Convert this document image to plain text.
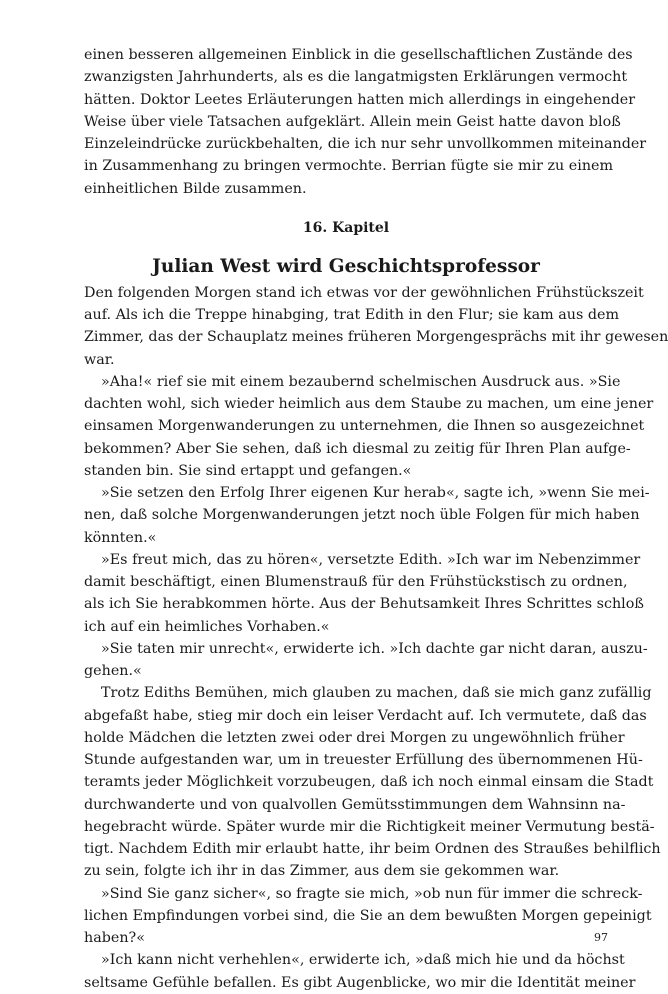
einen besseren allgemeinen Einblick in die gesellschaftlichen Zustände des
zwanzigsten Jahrhunderts, als es die langatmigsten Erklärungen vermocht
hätten. Doktor Leetes Erläuterungen hatten mich allerdings in eingehender
Weise über viele Tatsachen aufgeklärt. Allein mein Geist hatte davon bloß
Einzeleindrücke zurückbehalten, die ich nur sehr unvollkommen miteinander
in Zusammenhang zu bringen vermochte. Berrian fügte sie mir zu einem
einheitlichen Bilde zusammen.
16. Kapitel
Julian West wird Geschichtsprofessor
Den folgenden Morgen stand ich etwas vor der gewöhnlichen Frühstückszeit
auf. Als ich die Treppe hinabging, trat Edith in den Flur; sie kam aus dem
Zimmer, das der Schauplatz meines früheren Morgengesprächs mit ihr gewesen
war.
»Aha!« rief sie mit einem bezaubernd schelmischen Ausdruck aus. »Sie
dachten wohl, sich wieder heimlich aus dem Staube zu machen, um eine jener
einsamen Morgenwanderungen zu unternehmen, die Ihnen so ausgezeichnet
bekommen? Aber Sie sehen, daß ich diesmal zu zeitig für Ihren Plan aufge-
standen bin. Sie sind ertappt und gefangen.«
»Sie setzen den Erfolg Ihrer eigenen Kur herab«, sagte ich, »wenn Sie mei-
nen, daß solche Morgenwanderungen jetzt noch üble Folgen für mich haben
könnten.«
»Es freut mich, das zu hören«, versetzte Edith. »Ich war im Nebenzimmer
damit beschäftigt, einen Blumenstrauß für den Frühstückstisch zu ordnen,
als ich Sie herabkommen hörte. Aus der Behutsamkeit Ihres Schrittes schloß
ich auf ein heimliches Vorhaben.«
»Sie taten mir unrecht«, erwiderte ich. »Ich dachte gar nicht daran, auszu-
gehen.«
Trotz Ediths Bemühen, mich glauben zu machen, daß sie mich ganz zufällig
abgefaßt habe, stieg mir doch ein leiser Verdacht auf. Ich vermutete, daß das
holde Mädchen die letzten zwei oder drei Morgen zu ungewöhnlich früher
Stunde aufgestanden war, um in treuester Erfüllung des übernommenen Hü-
teramts jeder Möglichkeit vorzubeugen, daß ich noch einmal einsam die Stadt
durchwanderte und von qualvollen Gemütsstimmungen dem Wahnsinn na-
hegebracht würde. Später wurde mir die Richtigkeit meiner Vermutung bestä-
tigt. Nachdem Edith mir erlaubt hatte, ihr beim Ordnen des Straußes behilflich
zu sein, folgte ich ihr in das Zimmer, aus dem sie gekommen war.
»Sind Sie ganz sicher«, so fragte sie mich, »ob nun für immer die schreck-
lichen Empfindungen vorbei sind, die Sie an dem bewußten Morgen gepeinigt
haben?«
»Ich kann nicht verhehlen«, erwiderte ich, »daß mich hie und da höchst
seltsame Gefühle befallen. Es gibt Augenblicke, wo mir die Identität meiner
97
